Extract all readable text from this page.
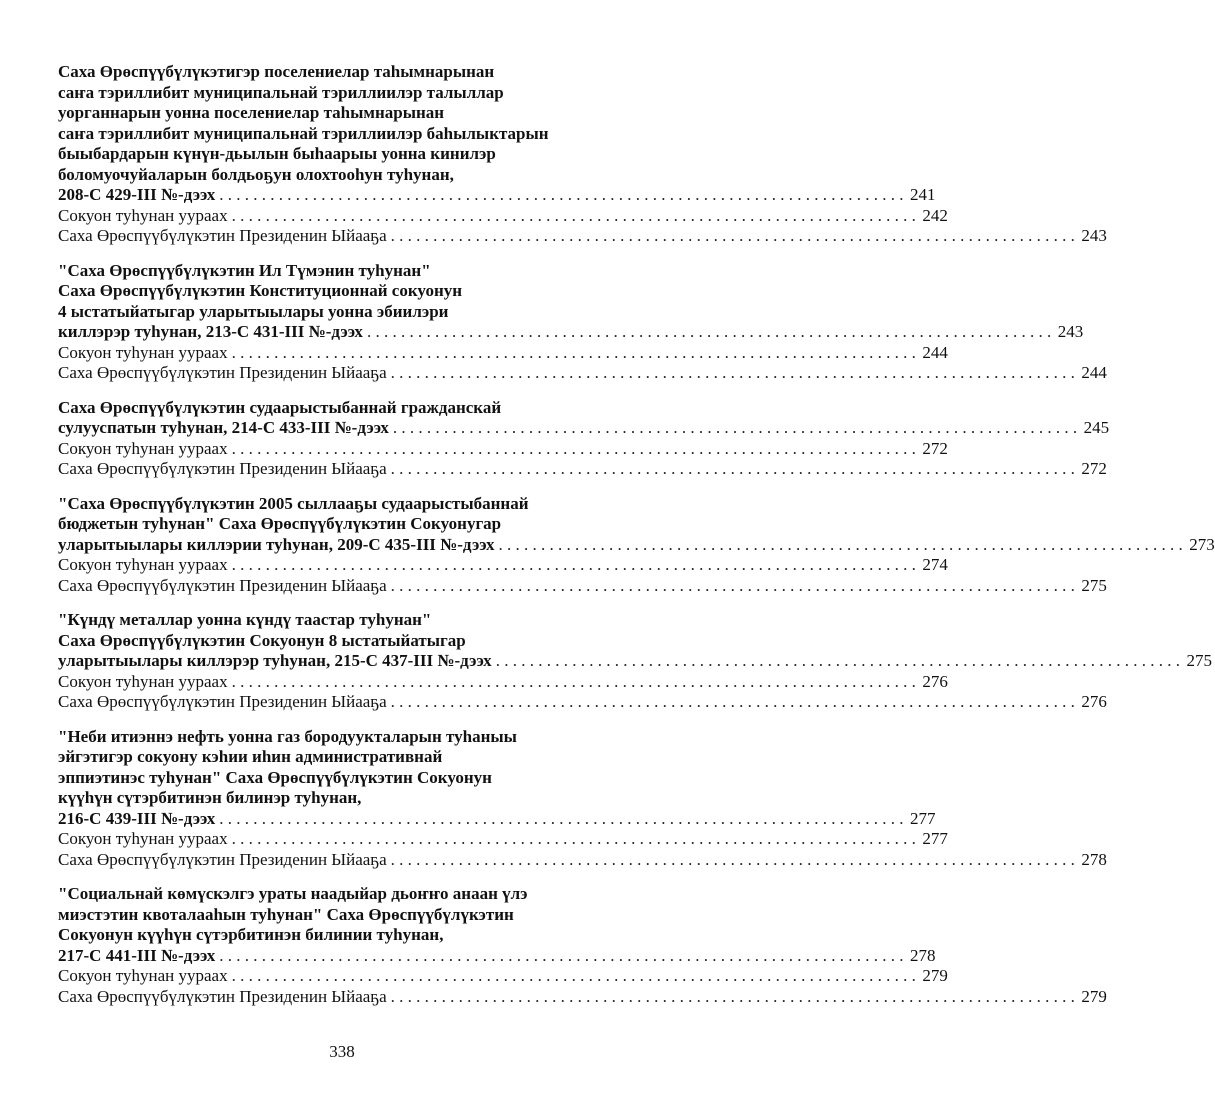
Саха Өрөспүүбүлүкэтигэр поселениелар таһымнарынан
саҥа тэриллибит муниципальнай тэриллиилэр талыллар
уорганнарын уонна поселениелар таһымнарынан
саҥа тэриллибит муниципальнай тэриллиилэр баһылыктарын
быыбардарын күнүн-дьылын быһаарыы уонна кинилэр
боломуочуйаларын болдьоҕун олохтооһун туһунан,
208-С 429-III №-дээх . . .	241
Сокуон туһунан уураах . . .	242
Саха Өрөспүүбүлүкэтин Президенин Ыйааҕа . . .	243
"Саха Өрөспүүбүлүкэтин Ил Түмэнин туһунан"
Саха Өрөспүүбүлүкэтин Конституционнай сокуонун
4 ыстатыйатыгар уларытыылары уонна эбиилэри
киллэрэр туһунан, 213-С 431-III №-дээх . . .	243
Сокуон туһунан уураах . . .	244
Саха Өрөспүүбүлүкэтин Президенин Ыйааҕа . . .	244
Саха Өрөспүүбүлүкэтин судаарыстыбаннай гражданскай
сулууспатын туһунан, 214-С 433-III №-дээх . . .	245
Сокуон туһунан уураах . . .	272
Саха Өрөспүүбүлүкэтин Президенин Ыйааҕа . . .	272
"Саха Өрөспүүбүлүкэтин 2005 сыллааҕы судаарыстыбаннай
бюджетын туһунан" Саха Өрөспүүбүлүкэтин Сокуонугар
уларытыылары киллэрии туһунан, 209-С 435-III №-дээх . . .	273
Сокуон туһунан уураах . . .	274
Саха Өрөспүүбүлүкэтин Президенин Ыйааҕа . . .	275
"Күндү металлар уонна күндү таастар туһунан"
Саха Өрөспүүбүлүкэтин Сокуонун 8 ыстатыйатыгар
уларытыылары киллэрэр туһунан, 215-С 437-III №-дээх . . .	275
Сокуон туһунан уураах . . .	276
Саха Өрөспүүбүлүкэтин Президенин Ыйааҕа . . .	276
"Неби итиэннэ нефть уонна газ бородуукталарын туһаныы
эйгэтигэр сокуону кэһии иһин административнай
эппиэтинэс туһунан" Саха Өрөспүүбүлүкэтин Сокуонун
күүһүн сүтэрбитинэн билинэр туһунан,
216-С 439-III №-дээх . . .	277
Сокуон туһунан уураах . . .	277
Саха Өрөспүүбүлүкэтин Президенин Ыйааҕа . . .	278
"Социальнай көмүскэлгэ ураты наадыйар дьоҥҥо анаан үлэ
миэстэтин квоталааһын туһунан" Саха Өрөспүүбүлүкэтин
Сокуонун күүһүн сүтэрбитинэн билинии туһунан,
217-С 441-III №-дээх . . .	278
Сокуон туһунан уураах . . .	279
Саха Өрөспүүбүлүкэтин Президенин Ыйааҕа . . .	279
338
